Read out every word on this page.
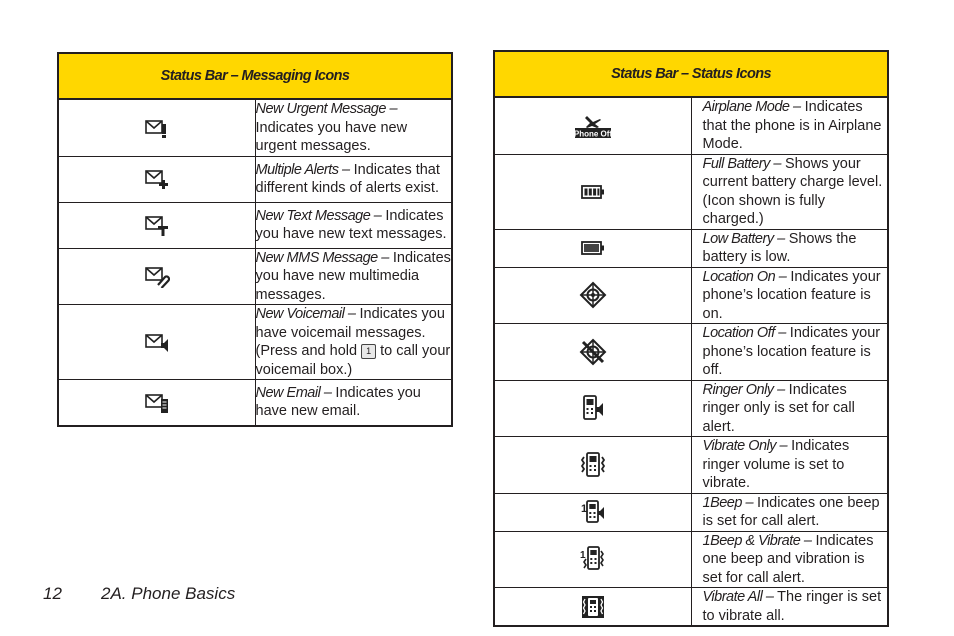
Status Bar – Messaging Icons	

	New Urgent Message – Indicates you have new urgent messages.

	Multiple Alerts – Indicates that different kinds of alerts exist.

	New Text Message – Indicates you have new text messages.

	New MMS Message – Indicates you have new multimedia messages.

	New Voicemail – Indicates you have voicemail messages. (Press and hold 1 to call your voicemail box.)

	New Email – Indicates you have new email.
Status Bar – Status Icons	

Phone Off	Airplane Mode – Indicates that the phone is in Airplane Mode.

	Full Battery – Shows your current battery charge level. (Icon shown is fully charged.)

	Low Battery – Shows the battery is low.

	Location On – Indicates your phone’s location feature is on.

	Location Off – Indicates your phone’s location feature is off.

	Ringer Only – Indicates ringer only is set for call alert.

	Vibrate Only – Indicates ringer volume is set to vibrate.

1	1Beep – Indicates one beep is set for call alert.

1	1Beep & Vibrate – Indicates one beep and vibration is set for call alert.

	Vibrate All – The ringer is set to vibrate all.
12 2A. Phone Basics
